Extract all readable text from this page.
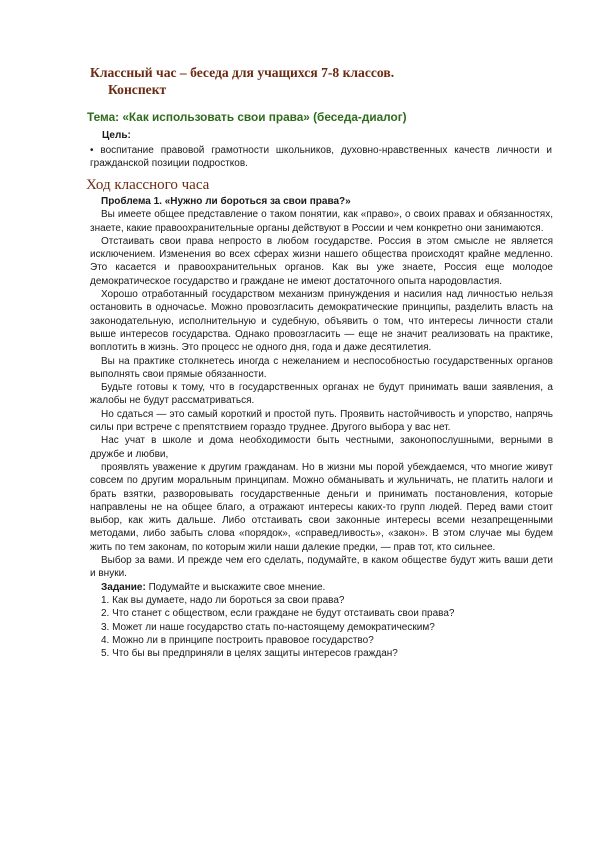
Классный час – беседа для учащихся 7-8 классов.
Конспект
Тема: «Как использовать свои права» (беседа-диалог)
Цель:
• воспитание правовой грамотности школьников, духовно-нравственных качеств личности и гражданской позиции подростков.
Ход классного часа

Проблема 1. «Нужно ли бороться за свои права?»

Вы имеете общее представление о таком понятии, как «право», о своих правах и обязанностях, знаете, какие правоохранительные органы действуют в России и чем конкретно они занимаются.

Отстаивать свои права непросто в любом государстве. Россия в этом смысле не является исключением. Изменения во всех сферах жизни нашего общества происходят крайне медленно. Это касается и правоохранительных органов. Как вы уже знаете, Россия еще молодое демократическое государство и граждане не имеют достаточного опыта народовластия.

Хорошо отработанный государством механизм принуждения и насилия над личностью нельзя остановить в одночасье. Можно провозгласить демократические принципы, разделить власть на законодательную, исполнительную и судебную, объявить о том, что интересы личности стали выше интересов государства. Однако провозгласить — еще не значит реализовать на практике, воплотить в жизнь. Это процесс не одного дня, года и даже десятилетия.

Вы на практике столкнетесь иногда с нежеланием и неспособностью государственных органов выполнять свои прямые обязанности.

Будьте готовы к тому, что в государственных органах не будут принимать ваши заявления, а жалобы не будут рассматриваться.

Но сдаться — это самый короткий и простой путь. Проявить настойчивость и упорство, напрячь силы при встрече с препятствием гораздо труднее. Другого выбора у вас нет.

Нас учат в школе и дома необходимости быть честными, законопослушными, верными в дружбе и любви,

проявлять уважение к другим гражданам. Но в жизни мы порой убеждаемся, что многие живут совсем по другим моральным принципам. Можно обманывать и жульничать, не платить налоги и брать взятки, разворовывать государственные деньги и принимать постановления, которые направлены не на общее благо, а отражают интересы каких-то групп людей. Перед вами стоит выбор, как жить дальше. Либо отстаивать свои законные интересы всеми незапрещенными методами, либо забыть слова «порядок», «справедливость», «закон». В этом случае мы будем жить по тем законам, по которым жили наши далекие предки, — прав тот, кто сильнее.

Выбор за вами. И прежде чем его сделать, подумайте, в каком обществе будут жить ваши дети и внуки.

Задание: Подумайте и выскажите свое мнение.

1. Как вы думаете, надо ли бороться за свои права?
2. Что станет с обществом, если граждане не будут отстаивать свои права?
3. Может ли наше государство стать по-настоящему демократическим?
4. Можно ли в принципе построить правовое государство?
5. Что бы вы предприняли в целях защиты интересов граждан?
